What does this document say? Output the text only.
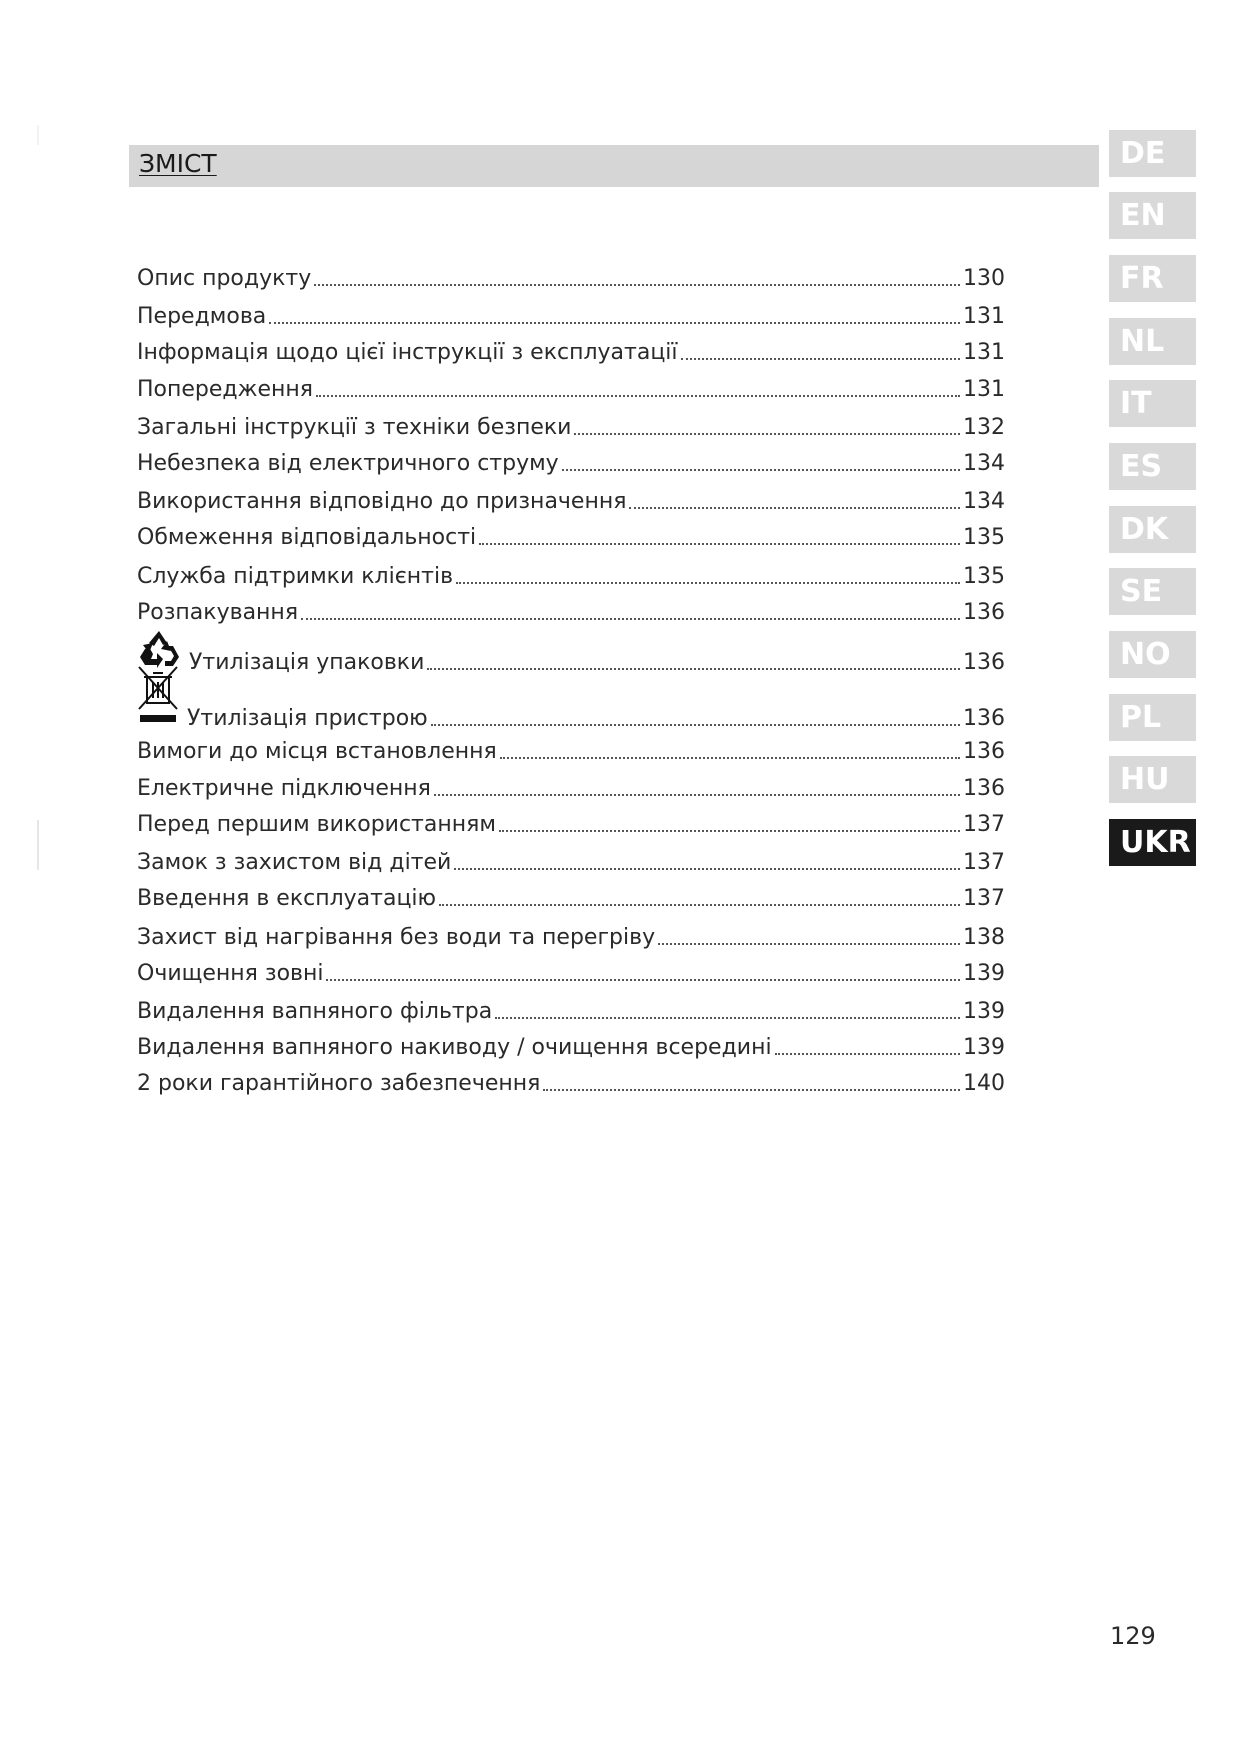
ЗМІСТ
Опис продукту	130
Передмова	131
Інформація щодо цієї інструкції з експлуатації	131
Попередження	131
Загальні інструкції з техніки безпеки	132
Небезпека від електричного струму	134
Використання відповідно до призначення	134
Обмеження відповідальності	135
Служба підтримки клієнтів	135
Розпакування	136
Утилізація упаковки	136
Утилізація пристрою	136
Вимоги до місця встановлення	136
Електричне підключення	136
Перед першим використанням	137
Замок з захистом від дітей	137
Введення в експлуатацію	137
Захист від нагрівання без води та перегріву	138
Очищення зовні	139
Видалення вапняного фільтра	139
Видалення вапняного накиводу / очищення всередині	139
2 роки гарантійного забезпечення	140
DE
EN
FR
NL
IT
ES
DK
SE
NO
PL
HU
UKR
129
